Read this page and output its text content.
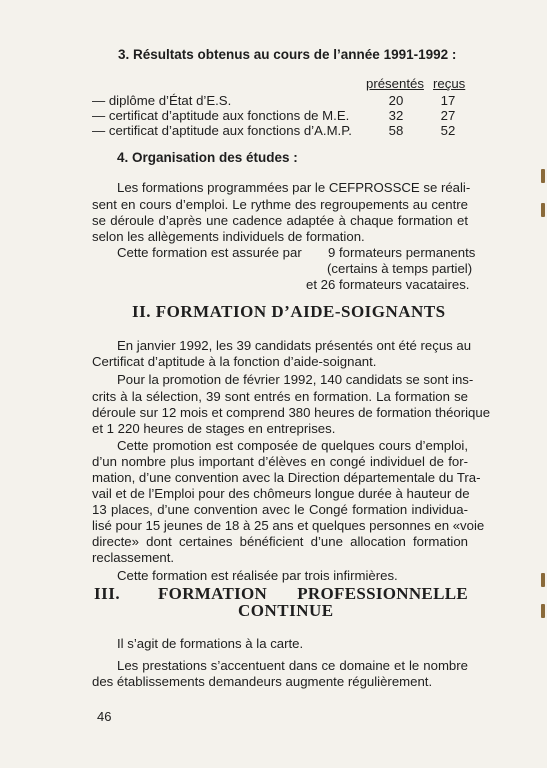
3. Résultats obtenus au cours de l’année 1991-1992 :
présentés reçus
— diplôme d’État d’E.S.	20	17
— certificat d’aptitude aux fonctions de M.E.	32	27
— certificat d’aptitude aux fonctions d’A.M.P.	58	52
4. Organisation des études :
Les formations programmées par le CEFPROSSCE se réali-
sent en cours d’emploi. Le rythme des regroupements au centre
se déroule d’après une cadence adaptée à chaque formation et
selon les allègements individuels de formation.
Cette formation est assurée par 9 formateurs permanents
(certains à temps partiel)
et 26 formateurs vacataires.
II. FORMATION D’AIDE-SOIGNANTS
En janvier 1992, les 39 candidats présentés ont été reçus au
Certificat d’aptitude à la fonction d’aide-soignant.
Pour la promotion de février 1992, 140 candidats se sont ins-
crits à la sélection, 39 sont entrés en formation. La formation se
déroule sur 12 mois et comprend 380 heures de formation théorique
et 1 220 heures de stages en entreprises.
Cette promotion est composée de quelques cours d’emploi,
d’un nombre plus important d’élèves en congé individuel de for-
mation, d’une convention avec la Direction départementale du Tra-
vail et de l’Emploi pour des chômeurs longue durée à hauteur de
13 places, d’une convention avec le Congé formation individua-
lisé pour 15 jeunes de 18 à 25 ans et quelques personnes en «voie
directe» dont certaines bénéficient d’une allocation formation
reclassement.
Cette formation est réalisée par trois infirmières.
III. FORMATION PROFESSIONNELLE
CONTINUE
Il s’agit de formations à la carte.
Les prestations s’accentuent dans ce domaine et le nombre
des établissements demandeurs augmente régulièrement.
46
